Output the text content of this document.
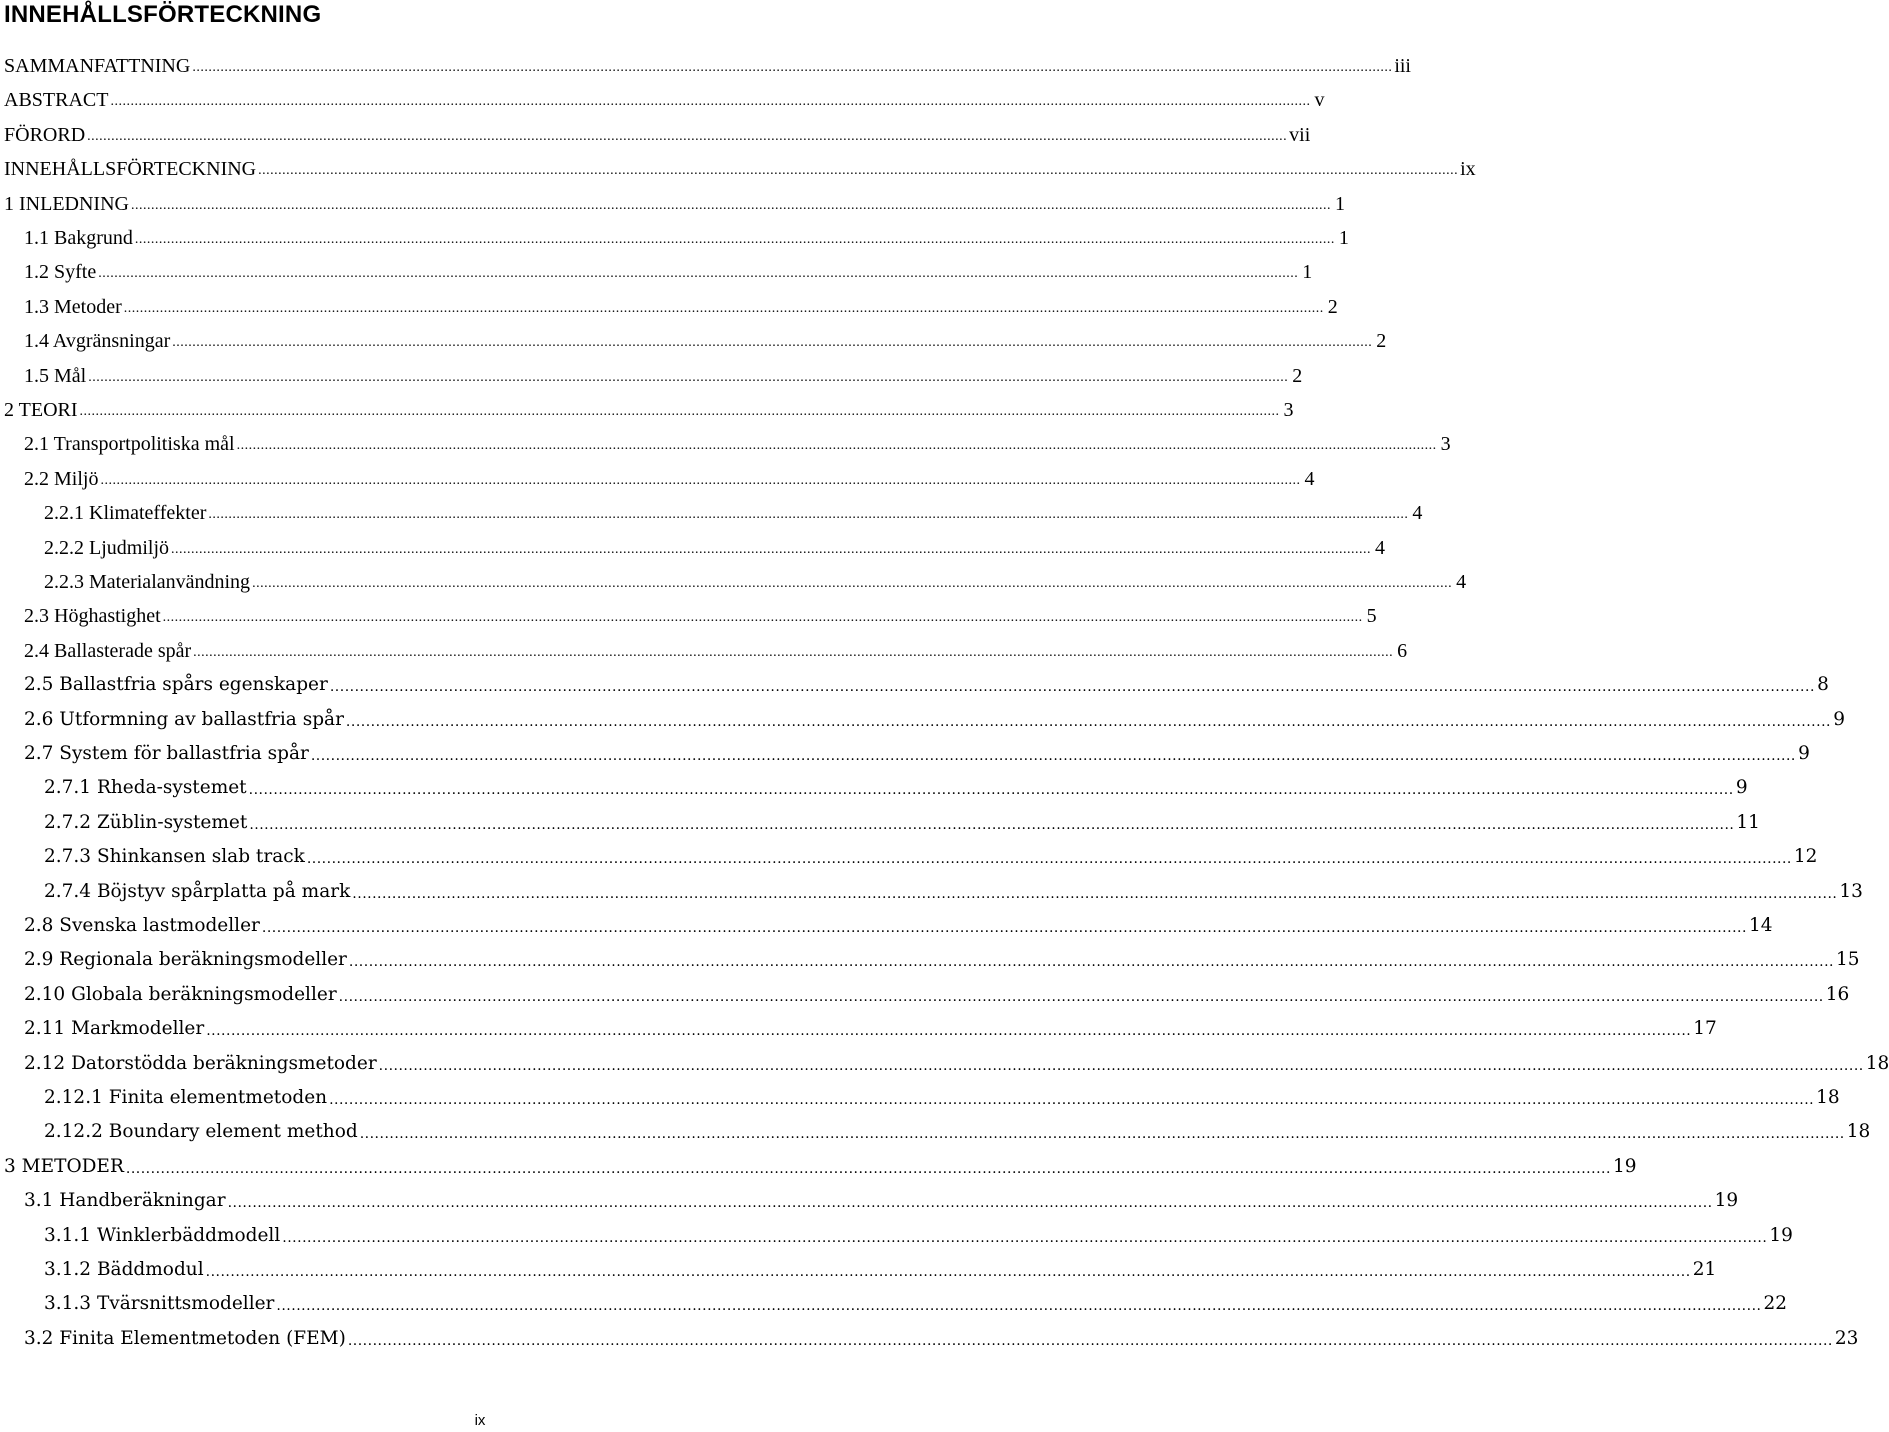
INNEHÅLLSFÖRTECKNING
SAMMANFATTNING ............................................................................................................................................................................................................................................................................................................ iii
ABSTRACT ............................................................................................................................................................................................................................................................................................................ v
FÖRORD ............................................................................................................................................................................................................................................................................................................ vii
INNEHÅLLSFÖRTECKNING ............................................................................................................................................................................................................................................................................................................ ix
1 INLEDNING ............................................................................................................................................................................................................................................................................................................ 1
1.1 Bakgrund ............................................................................................................................................................................................................................................................................................................ 1
1.2 Syfte ............................................................................................................................................................................................................................................................................................................ 1
1.3 Metoder ............................................................................................................................................................................................................................................................................................................ 2
1.4 Avgränsningar ............................................................................................................................................................................................................................................................................................................ 2
1.5 Mål ............................................................................................................................................................................................................................................................................................................ 2
2 TEORI ............................................................................................................................................................................................................................................................................................................ 3
2.1 Transportpolitiska mål ............................................................................................................................................................................................................................................................................................................ 3
2.2 Miljö ............................................................................................................................................................................................................................................................................................................ 4
2.2.1 Klimateffekter ............................................................................................................................................................................................................................................................................................................ 4
2.2.2 Ljudmiljö ............................................................................................................................................................................................................................................................................................................ 4
2.2.3 Materialanvändning ............................................................................................................................................................................................................................................................................................................ 4
2.3 Höghastighet ............................................................................................................................................................................................................................................................................................................ 5
2.4 Ballasterade spår ............................................................................................................................................................................................................................................................................................................ 6
2.5 Ballastfria spårs egenskaper ............................................................................................................................................................................................................................................................................................................ 8
2.6 Utformning av ballastfria spår ............................................................................................................................................................................................................................................................................................................ 9
2.7 System för ballastfria spår ............................................................................................................................................................................................................................................................................................................ 9
2.7.1 Rheda-systemet ............................................................................................................................................................................................................................................................................................................ 9
2.7.2 Züblin-systemet ............................................................................................................................................................................................................................................................................................................ 11
2.7.3 Shinkansen slab track ............................................................................................................................................................................................................................................................................................................ 12
2.7.4 Böjstyv spårplatta på mark ............................................................................................................................................................................................................................................................................................................ 13
2.8 Svenska lastmodeller ............................................................................................................................................................................................................................................................................................................ 14
2.9 Regionala beräkningsmodeller ............................................................................................................................................................................................................................................................................................................ 15
2.10 Globala beräkningsmodeller ............................................................................................................................................................................................................................................................................................................ 16
2.11 Markmodeller ............................................................................................................................................................................................................................................................................................................ 17
2.12 Datorstödda beräkningsmetoder ............................................................................................................................................................................................................................................................................................................ 18
2.12.1 Finita elementmetoden ............................................................................................................................................................................................................................................................................................................ 18
2.12.2 Boundary element method ............................................................................................................................................................................................................................................................................................................ 18
3 METODER ............................................................................................................................................................................................................................................................................................................ 19
3.1 Handberäkningar ............................................................................................................................................................................................................................................................................................................ 19
3.1.1 Winklerbäddmodell ............................................................................................................................................................................................................................................................................................................ 19
3.1.2 Bäddmodul ............................................................................................................................................................................................................................................................................................................ 21
3.1.3 Tvärsnittsmodeller ............................................................................................................................................................................................................................................................................................................ 22
3.2 Finita Elementmetoden (FEM) ............................................................................................................................................................................................................................................................................................................ 23
ix
